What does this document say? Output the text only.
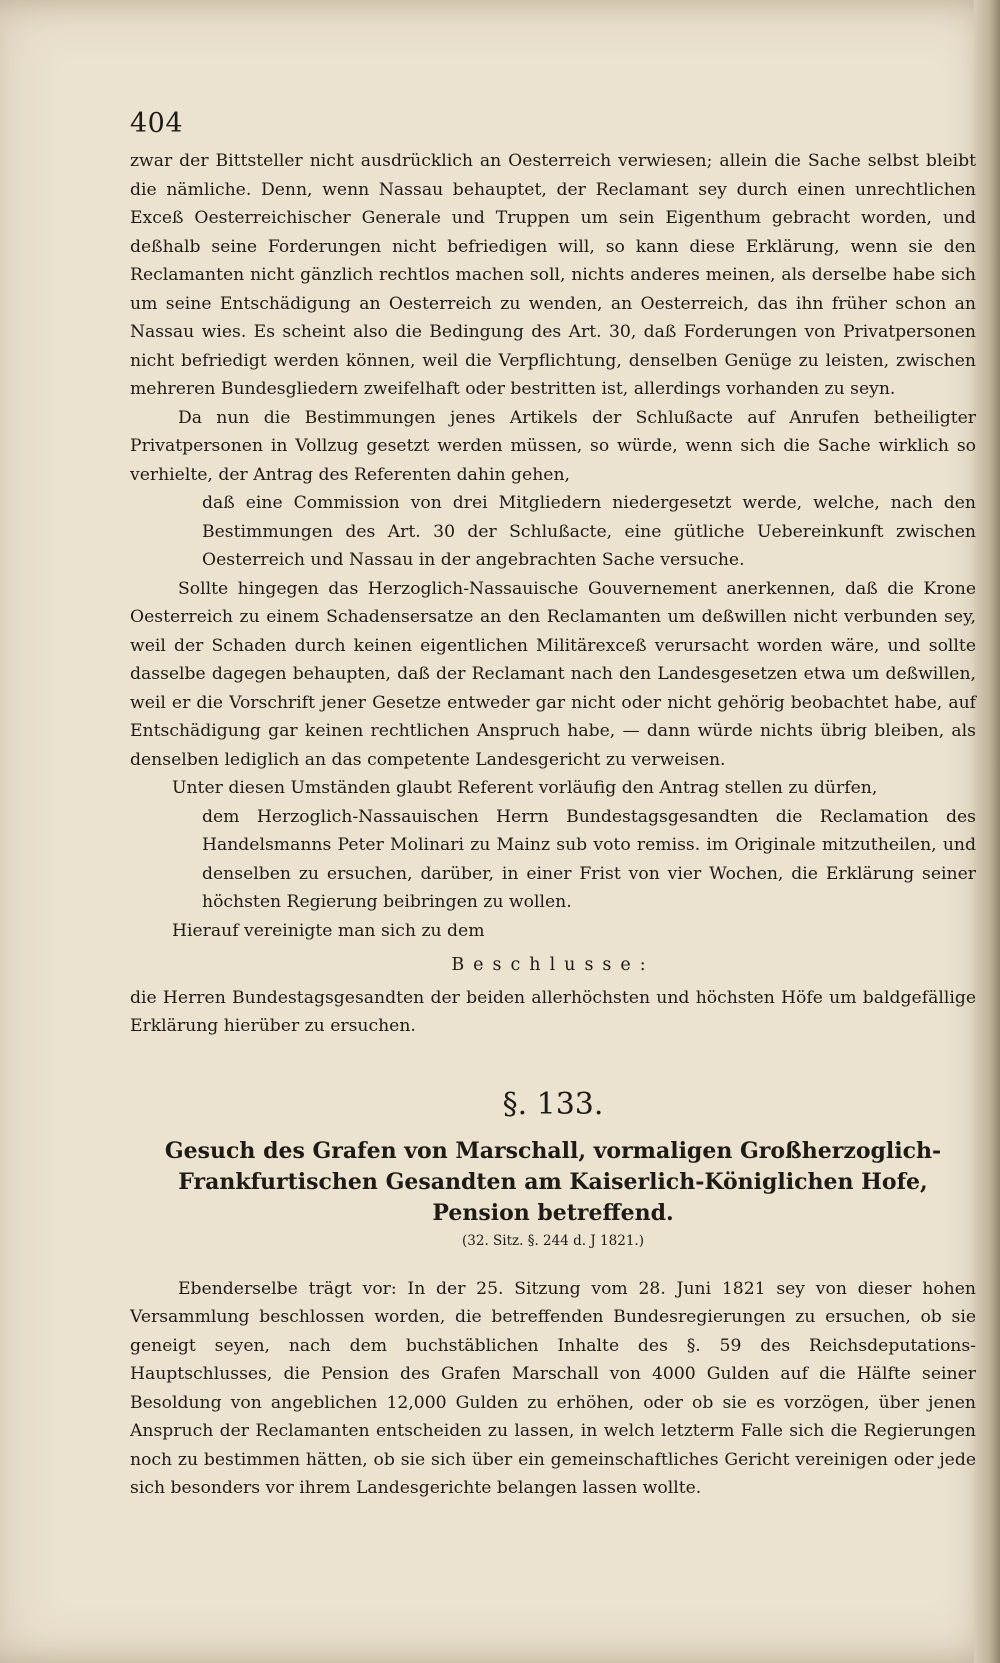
404

zwar der Bittsteller nicht ausdrücklich an Oesterreich verwiesen; allein die Sache selbst bleibt die nämliche. Denn, wenn Nassau behauptet, der Reclamant sey durch einen unrechtlichen Exceß Oesterreichischer Generale und Truppen um sein Eigenthum gebracht worden, und deßhalb seine Forderungen nicht befriedigen will, so kann diese Erklärung, wenn sie den Reclamanten nicht gänzlich rechtlos machen soll, nichts anderes meinen, als derselbe habe sich um seine Entschädigung an Oesterreich zu wenden, an Oesterreich, das ihn früher schon an Nassau wies. Es scheint also die Bedingung des Art. 30, daß Forderungen von Privatpersonen nicht befriedigt werden können, weil die Verpflichtung, denselben Genüge zu leisten, zwischen mehreren Bundesgliedern zweifelhaft oder bestritten ist, allerdings vorhanden zu seyn.

Da nun die Bestimmungen jenes Artikels der Schlußacte auf Anrufen betheiligter Privatpersonen in Vollzug gesetzt werden müssen, so würde, wenn sich die Sache wirklich so verhielte, der Antrag des Referenten dahin gehen,

daß eine Commission von drei Mitgliedern niedergesetzt werde, welche, nach den Bestimmungen des Art. 30 der Schlußacte, eine gütliche Uebereinkunft zwischen Oesterreich und Nassau in der angebrachten Sache versuche.

Sollte hingegen das Herzoglich-Nassauische Gouvernement anerkennen, daß die Krone Oesterreich zu einem Schadensersatze an den Reclamanten um deßwillen nicht verbunden sey, weil der Schaden durch keinen eigentlichen Militärexceß verursacht worden wäre, und sollte dasselbe dagegen behaupten, daß der Reclamant nach den Landesgesetzen etwa um deßwillen, weil er die Vorschrift jener Gesetze entweder gar nicht oder nicht gehörig beobachtet habe, auf Entschädigung gar keinen rechtlichen Anspruch habe, — dann würde nichts übrig bleiben, als denselben lediglich an das competente Landesgericht zu verweisen.

Unter diesen Umständen glaubt Referent vorläufig den Antrag stellen zu dürfen,

dem Herzoglich-Nassauischen Herrn Bundestagsgesandten die Reclamation des Handelsmanns Peter Molinari zu Mainz sub voto remiss. im Originale mitzutheilen, und denselben zu ersuchen, darüber, in einer Frist von vier Wochen, die Erklärung seiner höchsten Regierung beibringen zu wollen.

Hierauf vereinigte man sich zu dem

Beschlusse:

die Herren Bundestagsgesandten der beiden allerhöchsten und höchsten Höfe um baldgefällige Erklärung hierüber zu ersuchen.

§. 133.
Gesuch des Grafen von Marschall, vormaligen Großherzoglich-Frankfurtischen Gesandten am Kaiserlich-Königlichen Hofe, Pension betreffend.
(32. Sitz. §. 244 d. J 1821.)

Ebenderselbe trägt vor: In der 25. Sitzung vom 28. Juni 1821 sey von dieser hohen Versammlung beschlossen worden, die betreffenden Bundesregierungen zu ersuchen, ob sie geneigt seyen, nach dem buchstäblichen Inhalte des §. 59 des Reichsdeputations-Hauptschlusses, die Pension des Grafen Marschall von 4000 Gulden auf die Hälfte seiner Besoldung von angeblichen 12,000 Gulden zu erhöhen, oder ob sie es vorzögen, über jenen Anspruch der Reclamanten entscheiden zu lassen, in welch letzterm Falle sich die Regierungen noch zu bestimmen hätten, ob sie sich über ein gemeinschaftliches Gericht vereinigen oder jede sich besonders vor ihrem Landesgerichte belangen lassen wollte.
